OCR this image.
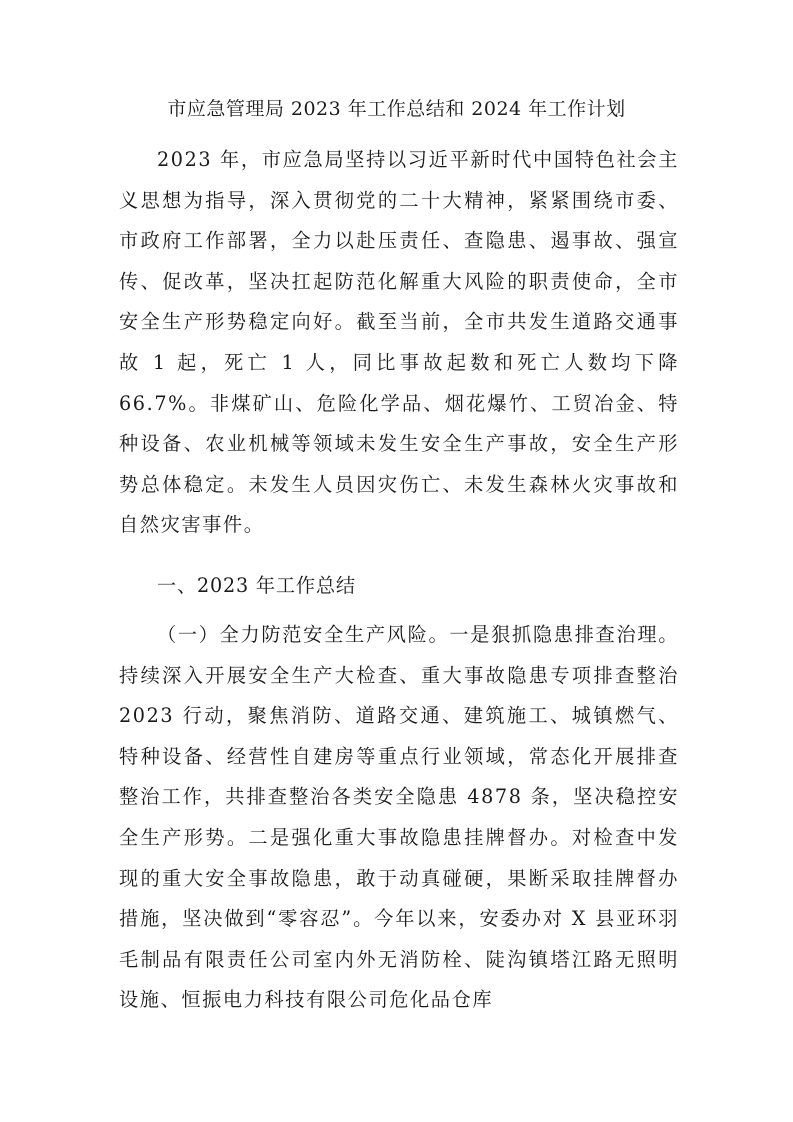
市应急管理局 2023 年工作总结和 2024 年工作计划

2023 年，市应急局坚持以习近平新时代中国特色社会主义思想为指导，深入贯彻党的二十大精神，紧紧围绕市委、市政府工作部署，全力以赴压责任、查隐患、遏事故、强宣传、促改革，坚决扛起防范化解重大风险的职责使命，全市安全生产形势稳定向好。截至当前，全市共发生道路交通事故 1 起，死亡 1 人，同比事故起数和死亡人数均下降 66.7%。非煤矿山、危险化学品、烟花爆竹、工贸冶金、特种设备、农业机械等领域未发生安全生产事故，安全生产形势总体稳定。未发生人员因灾伤亡、未发生森林火灾事故和自然灾害事件。

一、2023 年工作总结

（一）全力防范安全生产风险。一是狠抓隐患排查治理。持续深入开展安全生产大检查、重大事故隐患专项排查整治 2023 行动，聚焦消防、道路交通、建筑施工、城镇燃气、特种设备、经营性自建房等重点行业领域，常态化开展排查整治工作，共排查整治各类安全隐患 4878 条，坚决稳控安全生产形势。二是强化重大事故隐患挂牌督办。对检查中发现的重大安全事故隐患，敢于动真碰硬，果断采取挂牌督办措施，坚决做到“零容忍”。今年以来，安委办对 X 县亚环羽毛制品有限责任公司室内外无消防栓、陡沟镇塔江路无照明设施、恒振电力科技有限公司危化品仓库
